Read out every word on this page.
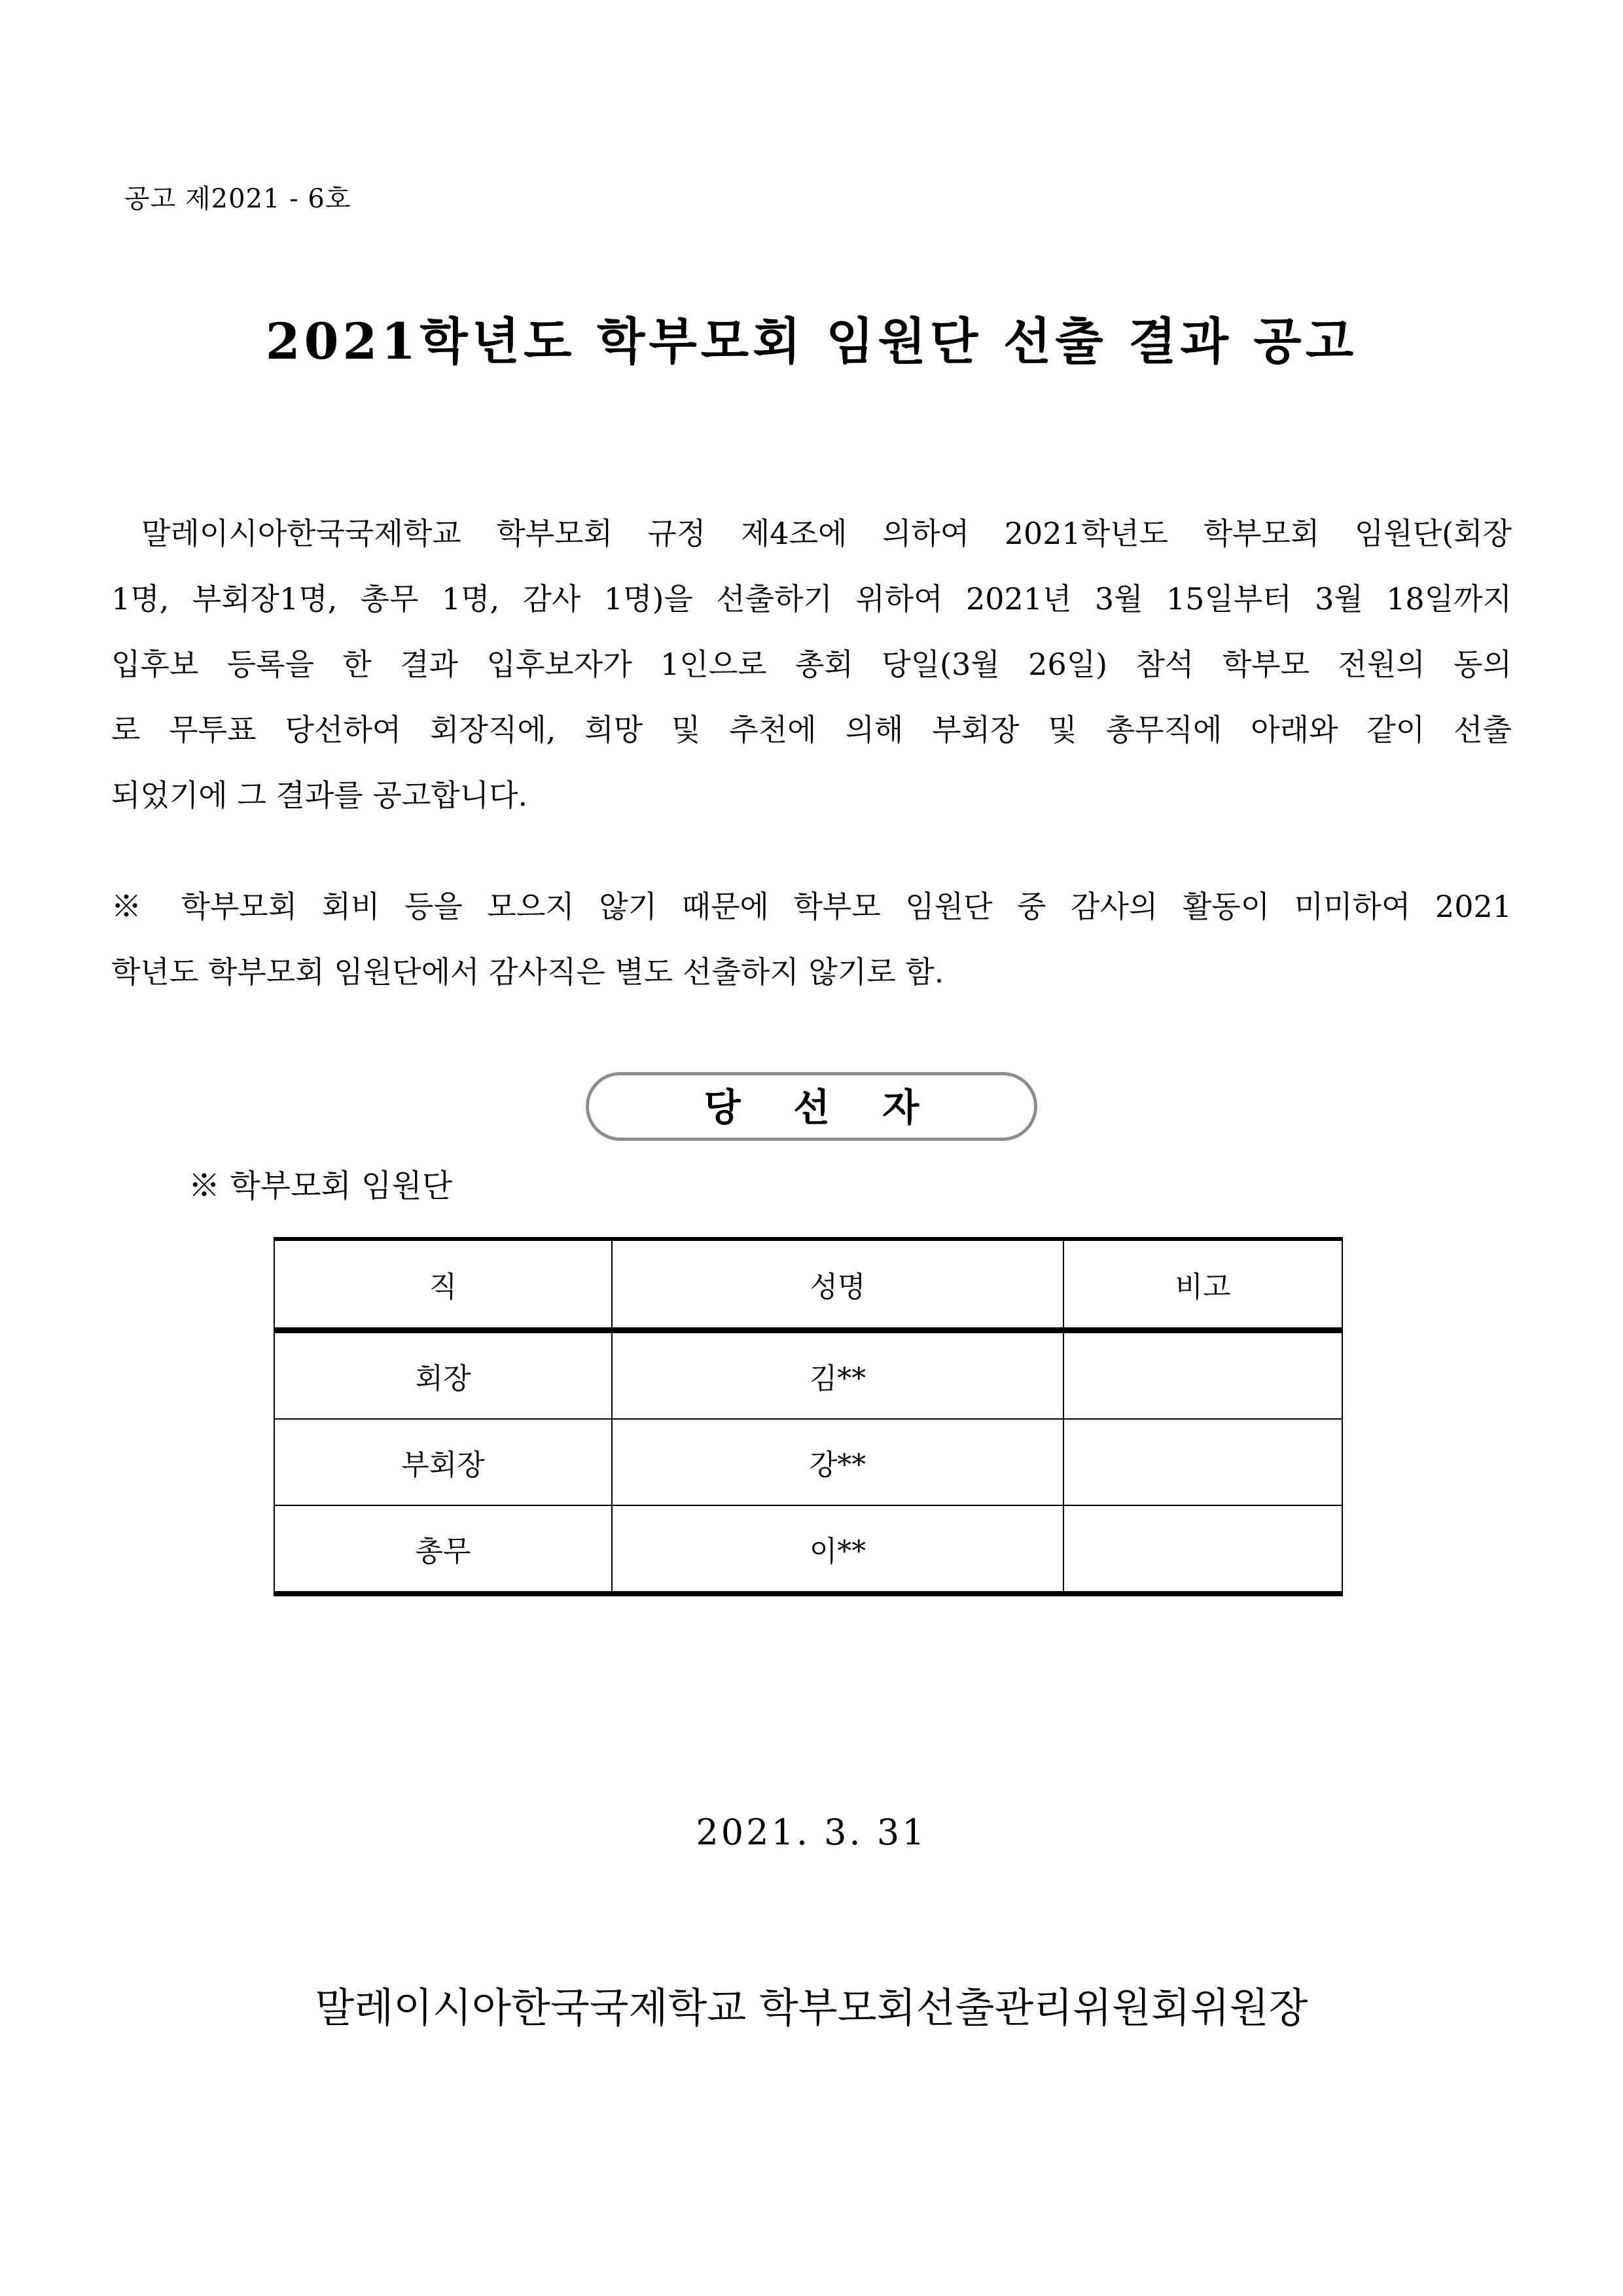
공고 제2021 - 6호
2021학년도 학부모회 임원단 선출 결과 공고
말레이시아한국국제학교 학부모회 규정 제4조에 의하여 2021학년도 학부모회 임원단(회장
1명, 부회장1명, 총무 1명, 감사 1명)을 선출하기 위하여 2021년 3월 15일부터 3월 18일까지
입후보 등록을 한 결과 입후보자가 1인으로 총회 당일(3월 26일) 참석 학부모 전원의 동의
로 무투표 당선하여 회장직에, 희망 및 추천에 의해 부회장 및 총무직에 아래와 같이 선출
되었기에 그 결과를 공고합니다.
※ 학부모회 회비 등을 모으지 않기 때문에 학부모 임원단 중 감사의 활동이 미미하여 2021
학년도 학부모회 임원단에서 감사직은 별도 선출하지 않기로 함.
당 선 자
※ 학부모회 임원단
직	성명	비고
회장	김**	
부회장	강**	
총무	이**	
2021. 3. 31
말레이시아한국국제학교 학부모회선출관리위원회위원장
